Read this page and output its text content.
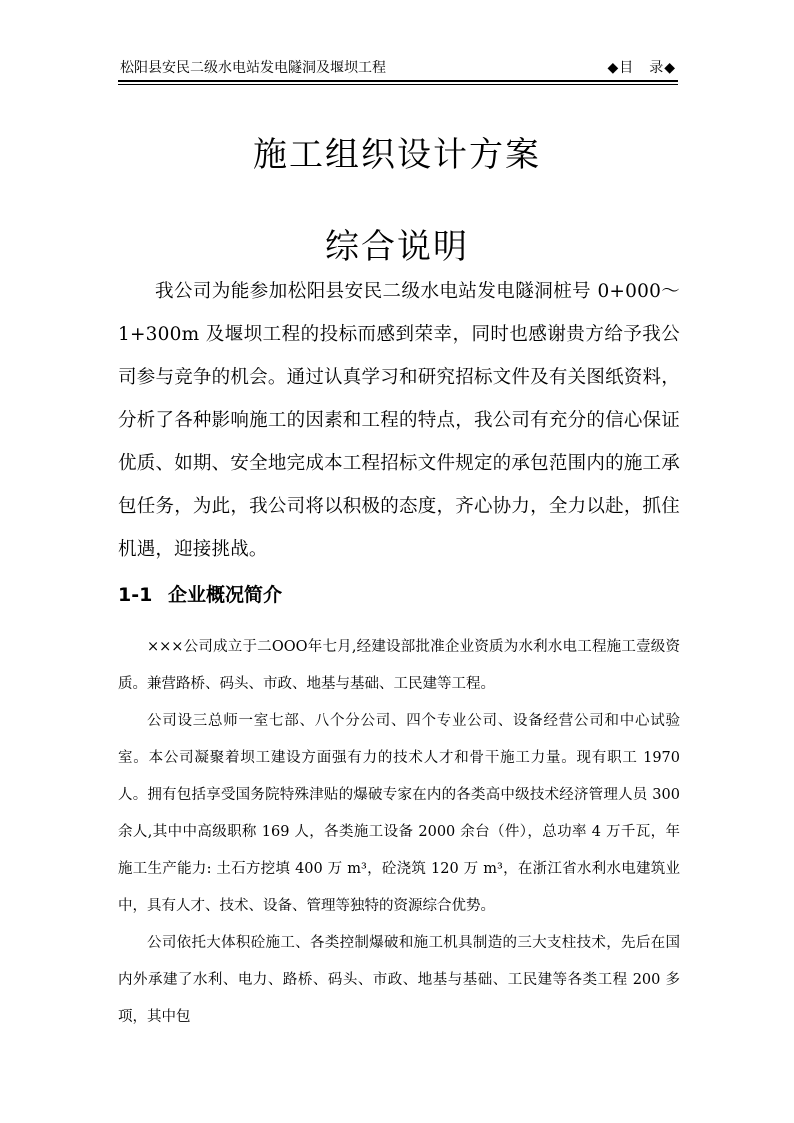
松阳县安民二级水电站发电隧洞及堰坝工程	◆目　录◆
施工组织设计方案
综合说明

我公司为能参加松阳县安民二级水电站发电隧洞桩号 0+000～1+300m 及堰坝工程的投标而感到荣幸，同时也感谢贵方给予我公司参与竞争的机会。通过认真学习和研究招标文件及有关图纸资料，分析了各种影响施工的因素和工程的特点，我公司有充分的信心保证优质、如期、安全地完成本工程招标文件规定的承包范围内的施工承包任务，为此，我公司将以积极的态度，齐心协力，全力以赴，抓住机遇，迎接挑战。

1-1 企业概况简介

×××公司成立于二OOO年七月,经建设部批准企业资质为水利水电工程施工壹级资质。兼营路桥、码头、市政、地基与基础、工民建等工程。

公司设三总师一室七部、八个分公司、四个专业公司、设备经营公司和中心试验室。本公司凝聚着坝工建设方面强有力的技术人才和骨干施工力量。现有职工 1970 人。拥有包括享受国务院特殊津贴的爆破专家在内的各类高中级技术经济管理人员 300 余人,其中中高级职称 169 人，各类施工设备 2000 余台（件），总功率 4 万千瓦，年施工生产能力: 土石方挖填 400 万 m³，砼浇筑 120 万 m³，在浙江省水利水电建筑业中，具有人才、技术、设备、管理等独特的资源综合优势。

公司依托大体积砼施工、各类控制爆破和施工机具制造的三大支柱技术，先后在国内外承建了水利、电力、路桥、码头、市政、地基与基础、工民建等各类工程 200 多项，其中包
